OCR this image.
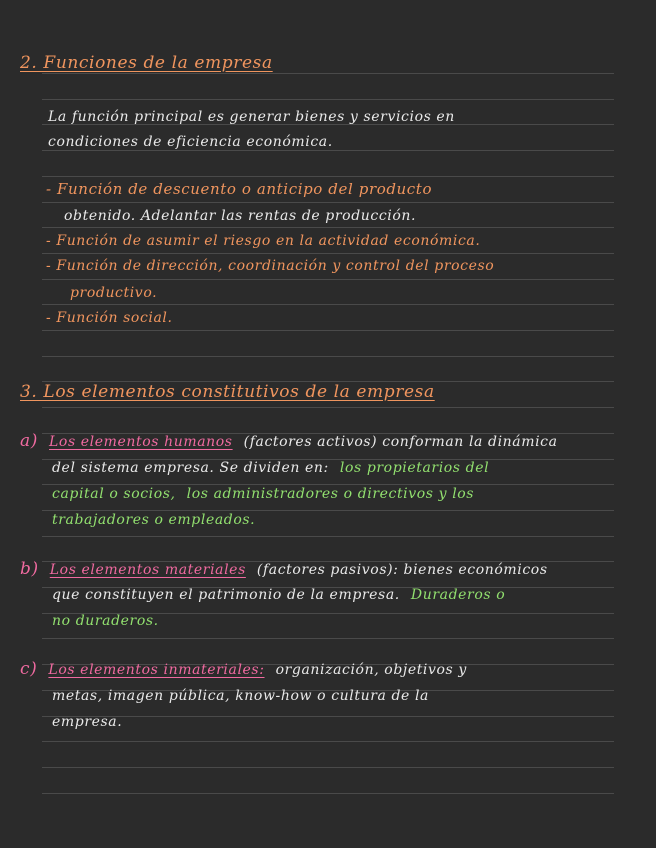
2. Funciones de la empresa
La función principal es generar bienes y servicios en
condiciones de eficiencia económica.
- Función de descuento o anticipo del producto
obtenido. Adelantar las rentas de producción.
- Función de asumir el riesgo en la actividad económica.
- Función de dirección, coordinación y control del proceso
productivo.
- Función social.
3. Los elementos constitutivos de la empresa
a) Los elementos humanos (factores activos) conforman la dinámica
del sistema empresa. Se dividen en: los propietarios del
capital o socios, los administradores o directivos y los
trabajadores o empleados.
b) Los elementos materiales (factores pasivos): bienes económicos
que constituyen el patrimonio de la empresa. Duraderos o
no duraderos.
c) Los elementos inmateriales: organización, objetivos y
metas, imagen pública, know-how o cultura de la
empresa.
